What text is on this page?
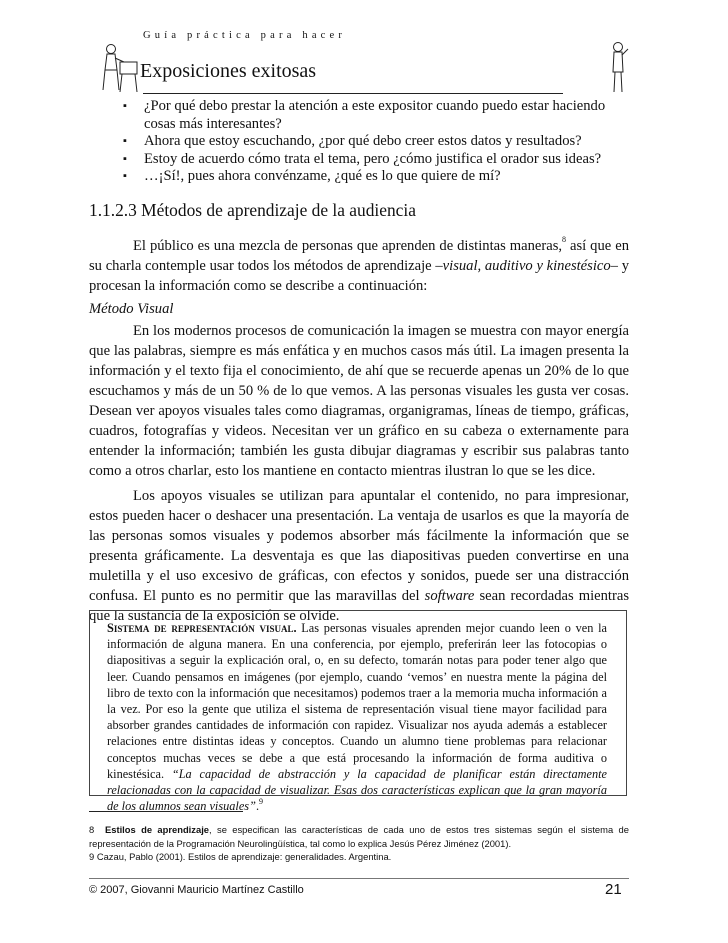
Guía práctica para hacer
Exposiciones exitosas
▪ ¿Por qué debo prestar la atención a este expositor cuando puedo estar haciendo cosas más interesantes?
▪ Ahora que estoy escuchando, ¿por qué debo creer estos datos y resultados?
▪ Estoy de acuerdo cómo trata el tema, pero ¿cómo justifica el orador sus ideas?
▪ …¡Sí!, pues ahora convénzame, ¿qué es lo que quiere de mí?
1.1.2.3 Métodos de aprendizaje de la audiencia
El público es una mezcla de personas que aprenden de distintas maneras,$^8$ así que en su charla contemple usar todos los métodos de aprendizaje –visual, auditivo y kinestésico– y procesan la información como se describe a continuación:
Método Visual
En los modernos procesos de comunicación la imagen se muestra con mayor energía que las palabras, siempre es más enfática y en muchos casos más útil. La imagen presenta la información y el texto fija el conocimiento, de ahí que se recuerde apenas un 20% de lo que escuchamos y más de un 50 % de lo que vemos. A las personas visuales les gusta ver cosas. Desean ver apoyos visuales tales como diagramas, organigramas, líneas de tiempo, gráficas, cuadros, fotografías y videos. Necesitan ver un gráfico en su cabeza o externamente para entender la información; también les gusta dibujar diagramas y escribir sus palabras tanto como a otros charlar, esto los mantiene en contacto mientras ilustran lo que se les dice.
Los apoyos visuales se utilizan para apuntalar el contenido, no para impresionar, estos pueden hacer o deshacer una presentación. La ventaja de usarlos es que la mayoría de las personas somos visuales y podemos absorber más fácilmente la información que se presenta gráficamente. La desventaja es que las diapositivas pueden convertirse en una muletilla y el uso excesivo de gráficas, con efectos y sonidos, puede ser una distracción confusa. El punto es no permitir que las maravillas del software sean recordadas mientras que la sustancia de la exposición se olvide.
Sistema de representación visual. Las personas visuales aprenden mejor cuando leen o ven la información de alguna manera. En una conferencia, por ejemplo, preferirán leer las fotocopias o diapositivas a seguir la explicación oral, o, en su defecto, tomarán notas para poder tener algo que leer. Cuando pensamos en imágenes (por ejemplo, cuando ‘vemos’ en nuestra mente la página del libro de texto con la información que necesitamos) podemos traer a la memoria mucha información a la vez. Por eso la gente que utiliza el sistema de representación visual tiene mayor facilidad para absorber grandes cantidades de información con rapidez. Visualizar nos ayuda además a establecer relaciones entre distintas ideas y conceptos. Cuando un alumno tiene problemas para relacionar conceptos muchas veces se debe a que está procesando la información de forma auditiva o kinestésica. “La capacidad de abstracción y la capacidad de planificar están directamente relacionadas con la capacidad de visualizar. Esas dos características explican que la gran mayoría de los alumnos sean visuales”.$^9$
8 Estilos de aprendizaje, se especifican las características de cada uno de estos tres sistemas según el sistema de representación de la Programación Neurolingüística, tal como lo explica Jesús Pérez Jiménez (2001).
9 Cazau, Pablo (2001). Estilos de aprendizaje: generalidades. Argentina.
© 2007, Giovanni Mauricio Martínez Castillo	21
